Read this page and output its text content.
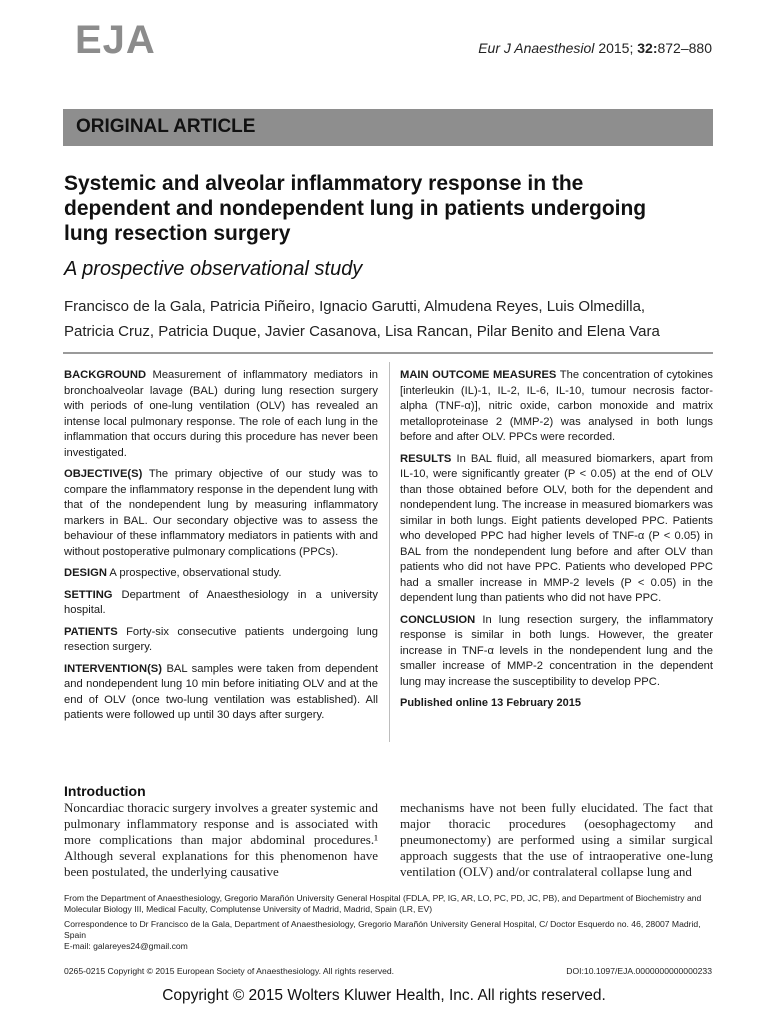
EJA	Eur J Anaesthesiol 2015; 32:872–880
ORIGINAL ARTICLE
Systemic and alveolar inflammatory response in the dependent and nondependent lung in patients undergoing lung resection surgery
A prospective observational study
Francisco de la Gala, Patricia Piñeiro, Ignacio Garutti, Almudena Reyes, Luis Olmedilla,
Patricia Cruz, Patricia Duque, Javier Casanova, Lisa Rancan, Pilar Benito and Elena Vara

BACKGROUND Measurement of inflammatory mediators in bronchoalveolar lavage (BAL) during lung resection surgery with periods of one-lung ventilation (OLV) has revealed an intense local pulmonary response. The role of each lung in the inflammation that occurs during this procedure has never been investigated.

OBJECTIVE(S) The primary objective of our study was to compare the inflammatory response in the dependent lung with that of the nondependent lung by measuring inflammatory markers in BAL. Our secondary objective was to assess the behaviour of these inflammatory mediators in patients with and without postoperative pulmonary complications (PPCs).

DESIGN A prospective, observational study.

SETTING Department of Anaesthesiology in a university hospital.

PATIENTS Forty-six consecutive patients undergoing lung resection surgery.

INTERVENTION(S) BAL samples were taken from dependent and nondependent lung 10 min before initiating OLV and at the end of OLV (once two-lung ventilation was established). All patients were followed up until 30 days after surgery.

MAIN OUTCOME MEASURES The concentration of cytokines [interleukin (IL)-1, IL-2, IL-6, IL-10, tumour necrosis factor-alpha (TNF-α)], nitric oxide, carbon monoxide and matrix metalloproteinase 2 (MMP-2) was analysed in both lungs before and after OLV. PPCs were recorded.

RESULTS In BAL fluid, all measured biomarkers, apart from IL-10, were significantly greater (P < 0.05) at the end of OLV than those obtained before OLV, both for the dependent and nondependent lung. The increase in measured biomarkers was similar in both lungs. Eight patients developed PPC. Patients who developed PPC had higher levels of TNF-α (P < 0.05) in BAL from the nondependent lung before and after OLV than patients who did not have PPC. Patients who developed PPC had a smaller increase in MMP-2 levels (P < 0.05) in the dependent lung than patients who did not have PPC.

CONCLUSION In lung resection surgery, the inflammatory response is similar in both lungs. However, the greater increase in TNF-α levels in the nondependent lung and the smaller increase of MMP-2 concentration in the dependent lung may increase the susceptibility to develop PPC.

Published online 13 February 2015

Introduction
Noncardiac thoracic surgery involves a greater systemic and pulmonary inflammatory response and is associated with more complications than major abdominal procedures.¹ Although several explanations for this phenomenon have been postulated, the underlying causative
mechanisms have not been fully elucidated. The fact that major thoracic procedures (oesophagectomy and pneumonectomy) are performed using a similar surgical approach suggests that the use of intraoperative one-lung ventilation (OLV) and/or contralateral collapse lung and

From the Department of Anaesthesiology, Gregorio Marañón University General Hospital (FDLA, PP, IG, AR, LO, PC, PD, JC, PB), and Department of Biochemistry and Molecular Biology III, Medical Faculty, Complutense University of Madrid, Madrid, Spain (LR, EV)

Correspondence to Dr Francisco de la Gala, Department of Anaesthesiology, Gregorio Marañón University General Hospital, C/ Doctor Esquerdo no. 46, 28007 Madrid, Spain

E-mail: galareyes24@gmail.com

0265-0215 Copyright © 2015 European Society of Anaesthesiology. All rights reserved.	DOI:10.1097/EJA.0000000000000233
Copyright © 2015 Wolters Kluwer Health, Inc. All rights reserved.
